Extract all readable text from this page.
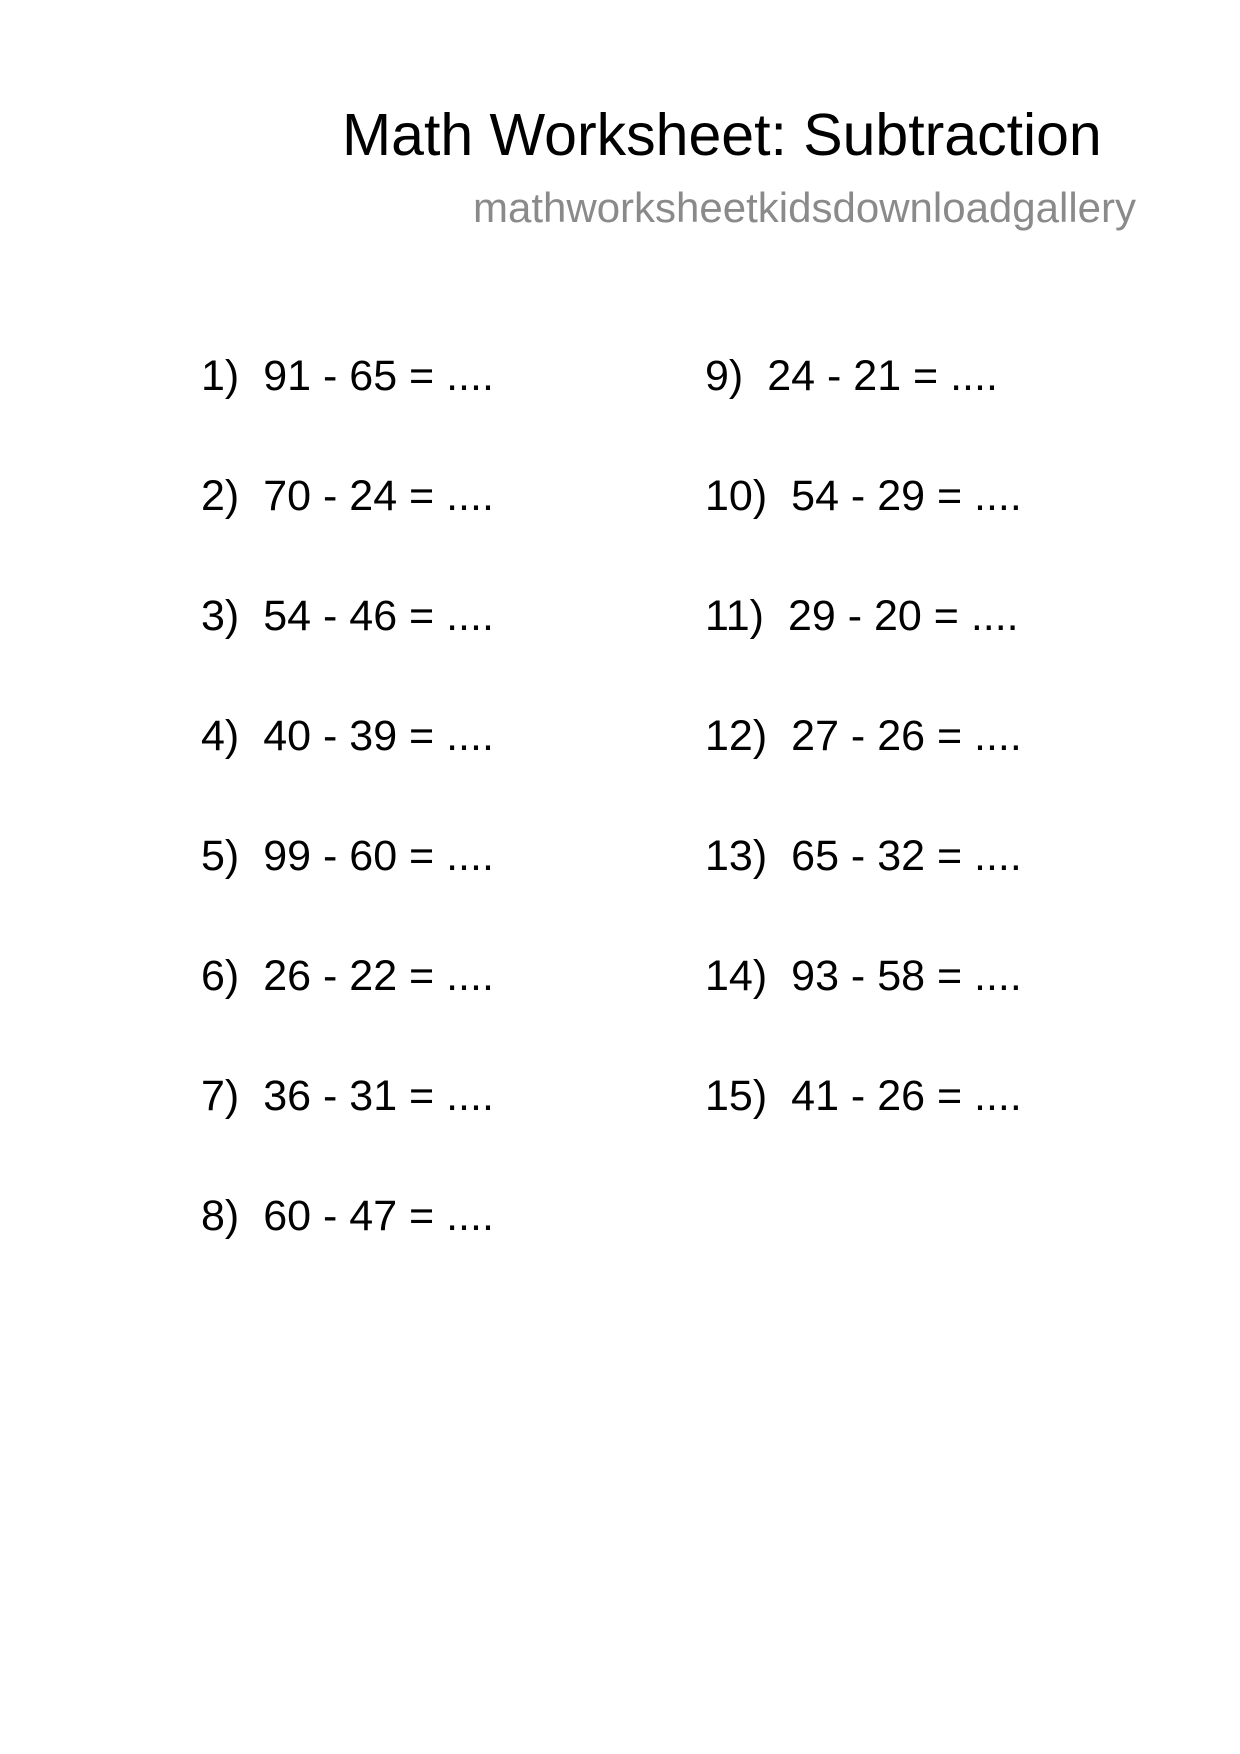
Math Worksheet: Subtraction
mathworksheetkidsdownloadgallery
1) 91 - 65 = ....
2) 70 - 24 = ....
3) 54 - 46 = ....
4) 40 - 39 = ....
5) 99 - 60 = ....
6) 26 - 22 = ....
7) 36 - 31 = ....
8) 60 - 47 = ....
9) 24 - 21 = ....
10) 54 - 29 = ....
11) 29 - 20 = ....
12) 27 - 26 = ....
13) 65 - 32 = ....
14) 93 - 58 = ....
15) 41 - 26 = ....
